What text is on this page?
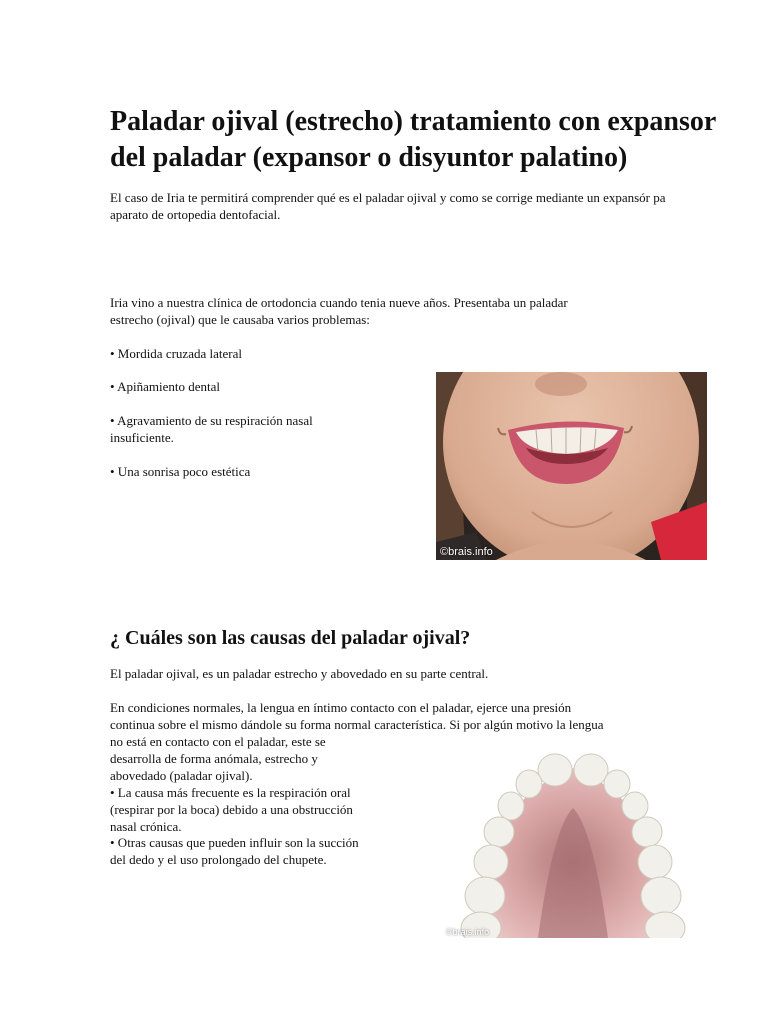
Paladar ojival (estrecho) tratamiento con expansor
del paladar (expansor o disyuntor palatino)

El caso de Iria te permitirá comprender qué es el paladar ojival y como se corrige mediante un expansór pa
aparato de ortopedia dentofacial.

Iria vino a nuestra clínica de ortodoncia cuando tenia nueve años. Presentaba un paladar
estrecho (ojival) que le causaba varios problemas:

• Mordida cruzada lateral

• Apiñamiento dental

• Agravamiento de su respiración nasal
insuficiente.

• Una sonrisa poco estética

©brais.info
¿ Cuáles son las causas del paladar ojival?

El paladar ojival, es un paladar estrecho y abovedado en su parte central.

En condiciones normales, la lengua en íntimo contacto con el paladar, ejerce una presión
continua sobre el mismo dándole su forma normal característica. Si por algún motivo la lengua
no está en contacto con el paladar, este se
desarrolla de forma anómala, estrecho y
abovedado (paladar ojival).

• La causa más frecuente es la respiración oral
(respirar por la boca) debido a una obstrucción
nasal crónica.

• Otras causas que pueden influir son la succión
del dedo y el uso prolongado del chupete.

©brais.info
